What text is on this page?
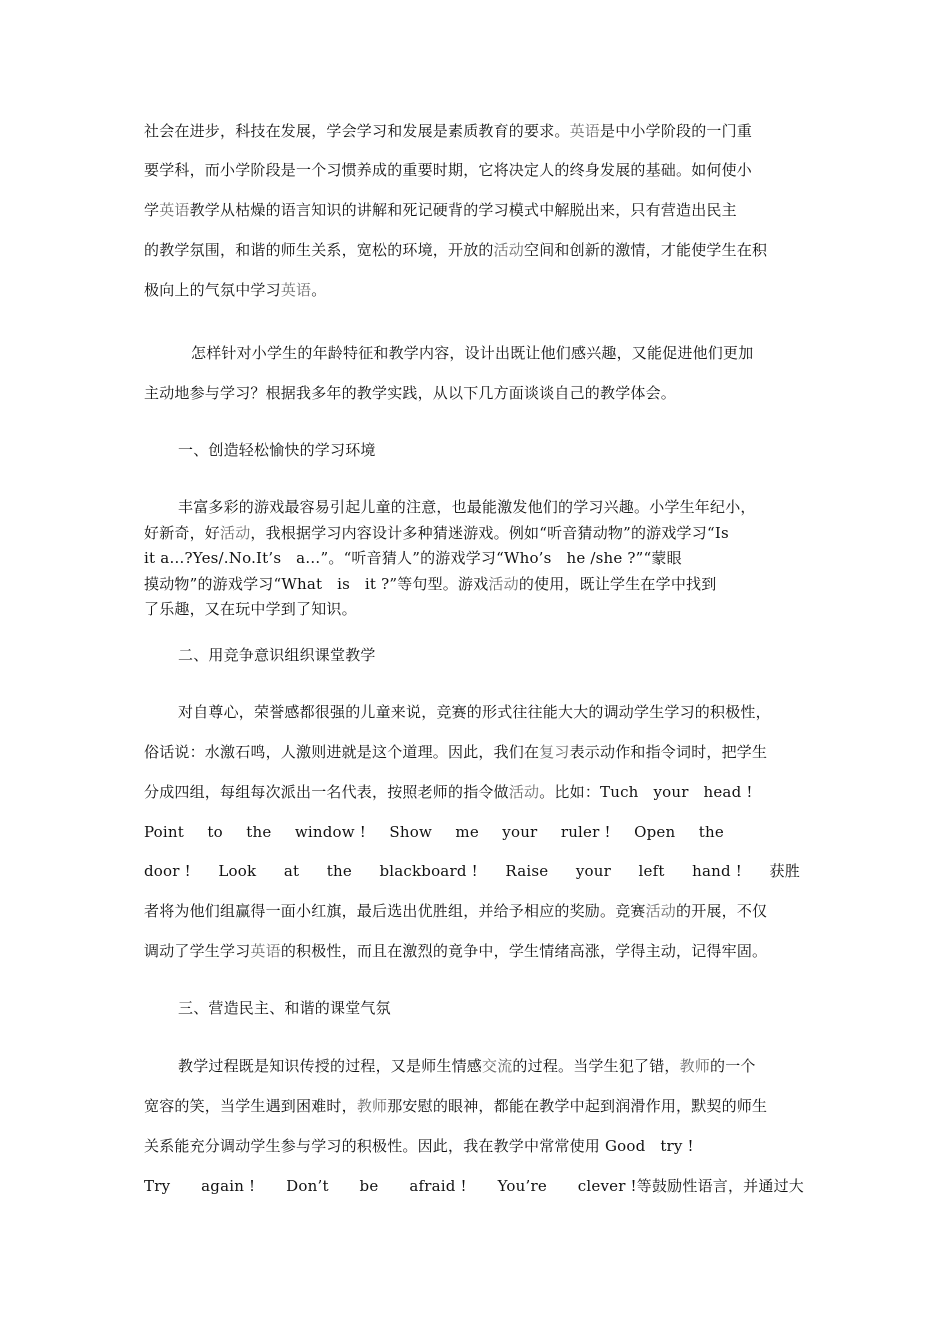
社会在进步，科技在发展，学会学习和发展是素质教育的要求。英语是中小学阶段的一门重
要学科，而小学阶段是一个习惯养成的重要时期，它将决定人的终身发展的基础。如何使小
学英语教学从枯燥的语言知识的讲解和死记硬背的学习模式中解脱出来，只有营造出民主
的教学氛围，和谐的师生关系，宽松的环境，开放的活动空间和创新的激情，才能使学生在积
极向上的气氛中学习英语。
怎样针对小学生的年龄特征和教学内容，设计出既让他们感兴趣，又能促进他们更加
主动地参与学习？根据我多年的教学实践，从以下几方面谈谈自己的教学体会。
一、创造轻松愉快的学习环境
丰富多彩的游戏最容易引起儿童的注意，也最能激发他们的学习兴趣。小学生年纪小，
好新奇，好活动，我根据学习内容设计多种猜迷游戏。例如“听音猜动物”的游戏学习“Is
it a…?Yes/.No.It’s   a…”。“听音猜人”的游戏学习“Who’s   he /she ?”“蒙眼
摸动物”的游戏学习“What   is   it ?”等句型。游戏活动的使用，既让学生在学中找到
了乐趣，又在玩中学到了知识。
二、用竞争意识组织课堂教学
对自尊心，荣誉感都很强的儿童来说，竞赛的形式往往能大大的调动学生学习的积极性，
俗话说：水激石鸣，人激则进就是这个道理。因此，我们在复习表示动作和指令词时，把学生
分成四组，每组每次派出一名代表，按照老师的指令做活动。比如：Tuch   your   head !
Point to the window ! Show me your ruler ! Open the
door ! Look at the blackboard ! Raise your left hand ! 获胜
者将为他们组赢得一面小红旗，最后选出优胜组，并给予相应的奖励。竞赛活动的开展，不仅
调动了学生学习英语的积极性，而且在激烈的竟争中，学生情绪高涨，学得主动，记得牢固。
三、营造民主、和谐的课堂气氛
教学过程既是知识传授的过程，又是师生情感交流的过程。当学生犯了错，教师的一个
宽容的笑，当学生遇到困难时，教师那安慰的眼神，都能在教学中起到润滑作用，默契的师生
关系能充分调动学生参与学习的积极性。因此，我在教学中常常使用 Good   try !
Try again ! Don’t be afraid ! You’re clever !等鼓励性语言，并通过大
